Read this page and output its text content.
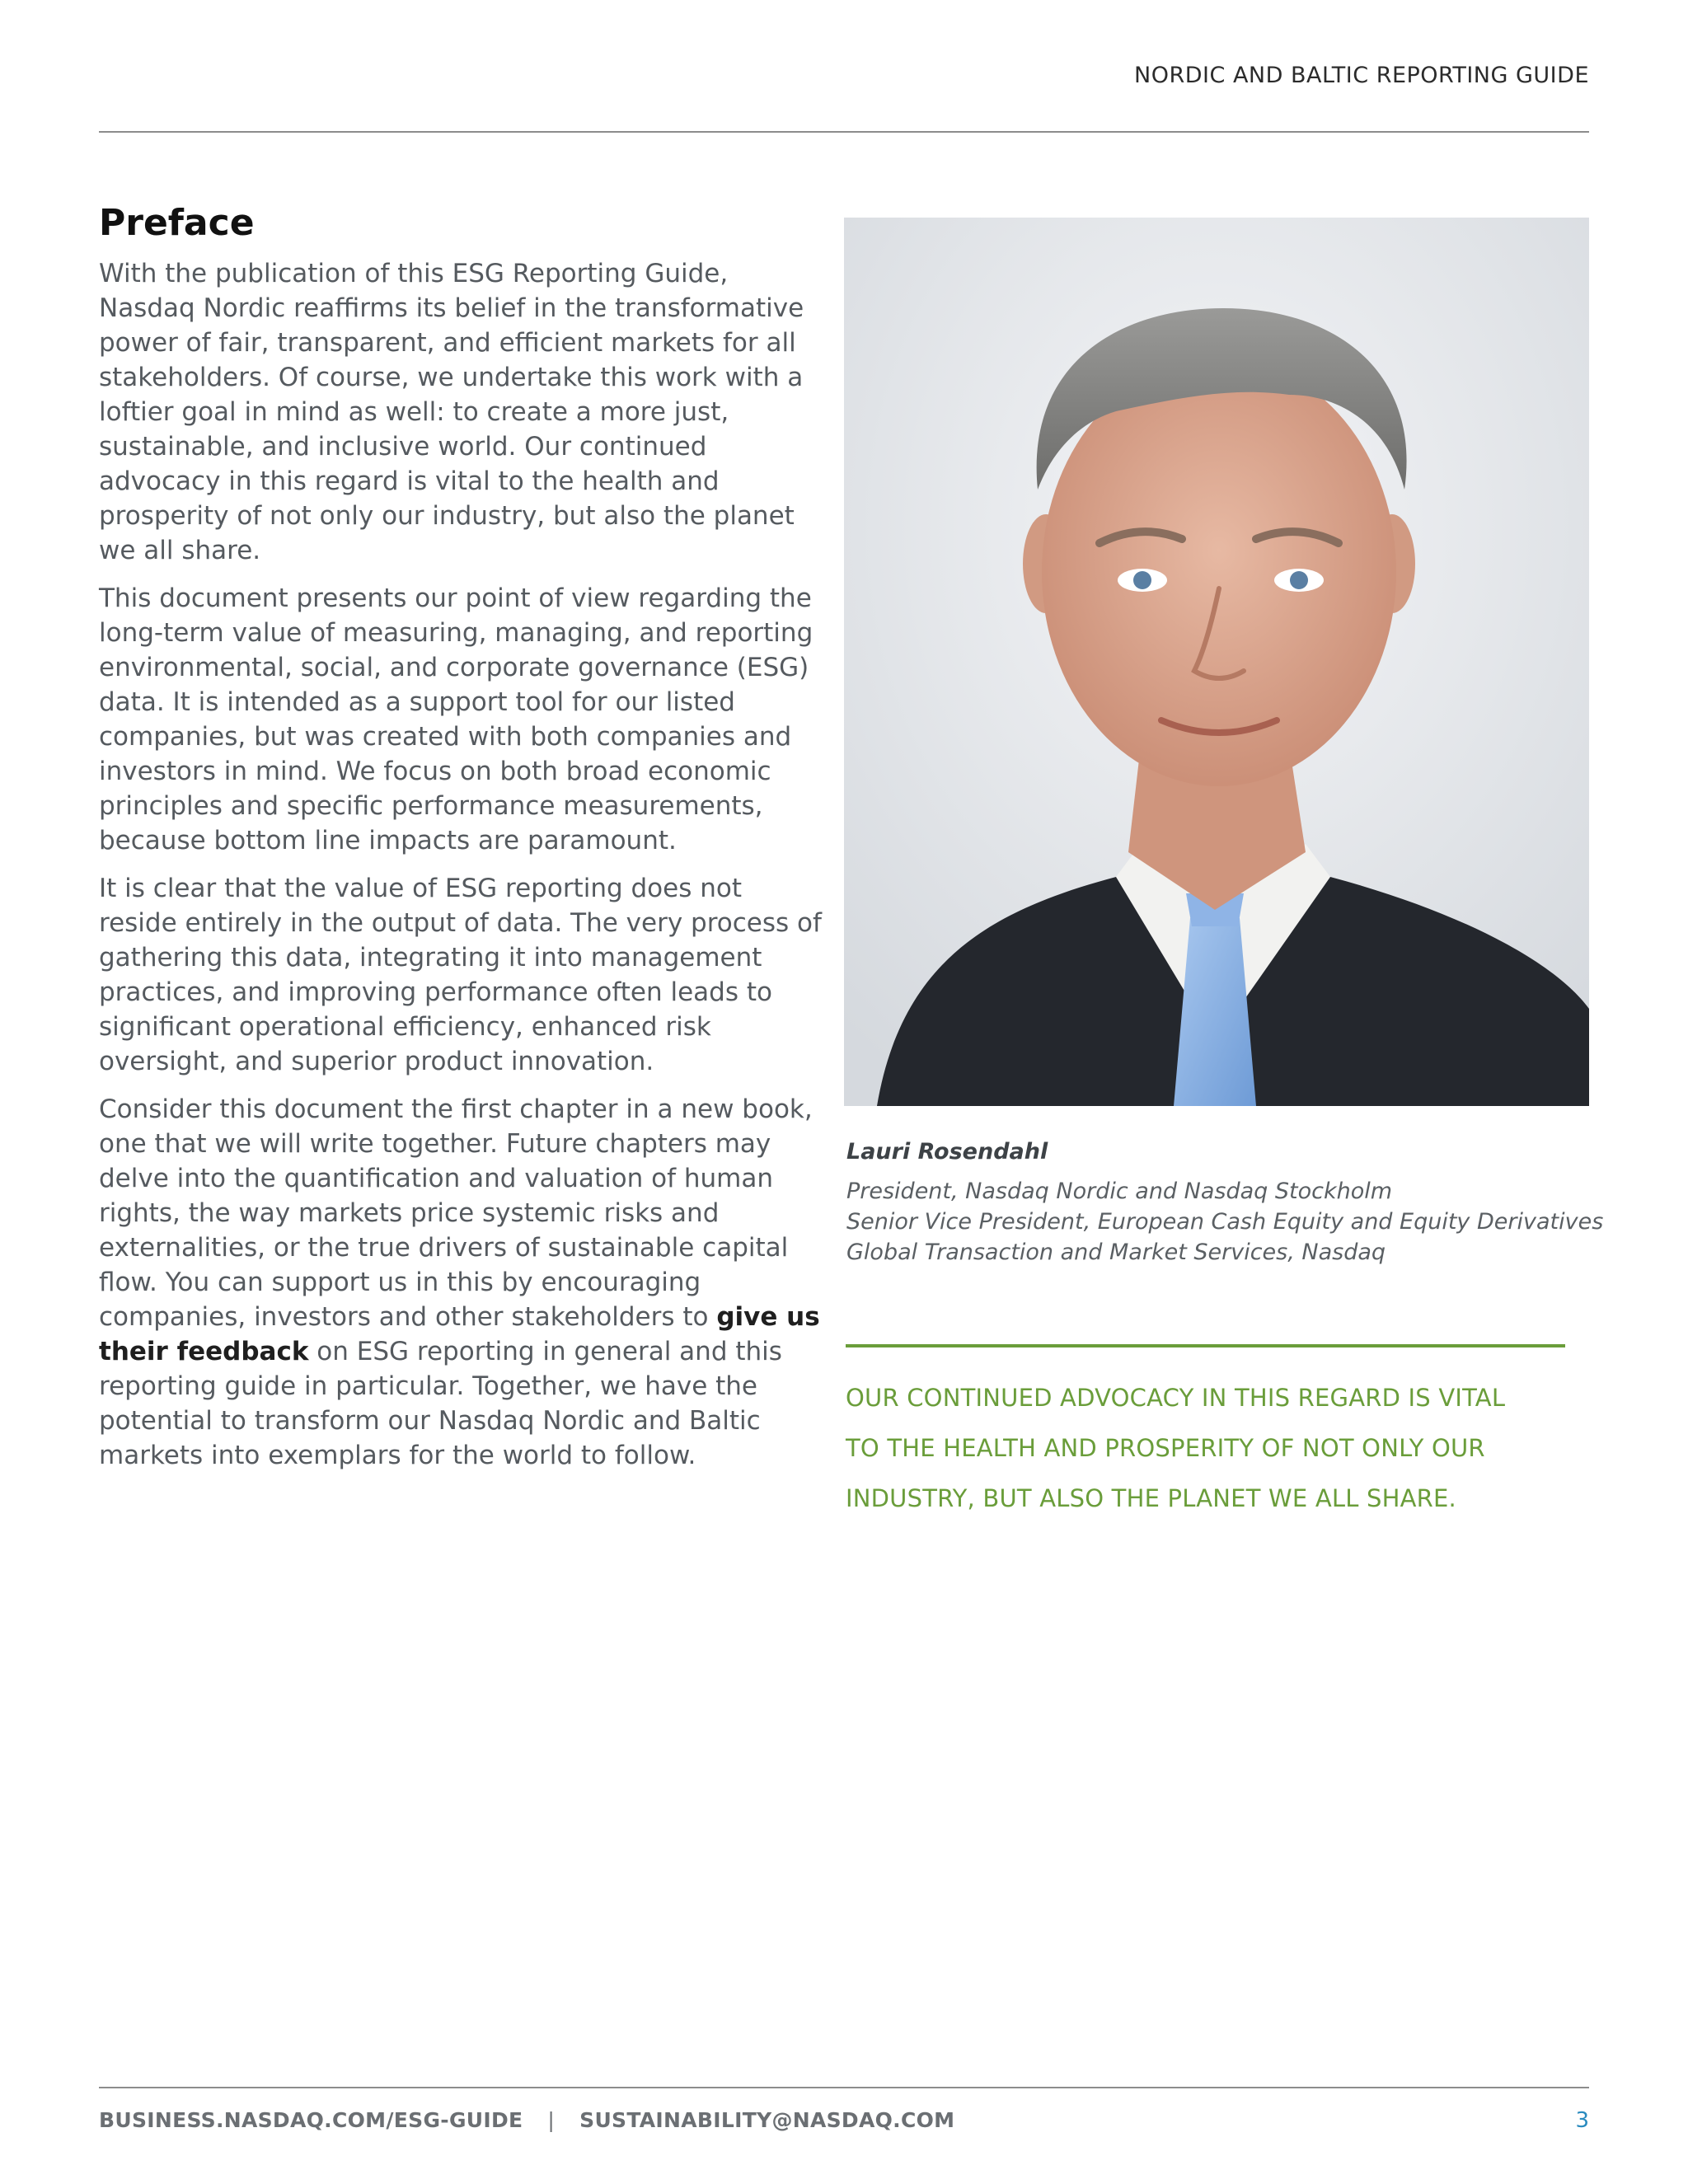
NORDIC AND BALTIC REPORTING GUIDE
Preface

With the publication of this ESG Reporting Guide, Nasdaq Nordic reaffirms its belief in the transformative power of fair, transparent, and efficient markets for all stakeholders. Of course, we undertake this work with a loftier goal in mind as well: to create a more just, sustainable, and inclusive world. Our continued advocacy in this regard is vital to the health and prosperity of not only our industry, but also the planet we all share.

This document presents our point of view regarding the long-term value of measuring, managing, and reporting environmental, social, and corporate governance (ESG) data. It is intended as a support tool for our listed companies, but was created with both companies and investors in mind. We focus on both broad economic principles and specific performance measurements, because bottom line impacts are paramount.

It is clear that the value of ESG reporting does not reside entirely in the output of data. The very process of gathering this data, integrating it into management practices, and improving performance often leads to significant operational efficiency, enhanced risk oversight, and superior product innovation.

Consider this document the first chapter in a new book, one that we will write together. Future chapters may delve into the quantification and valuation of human rights, the way markets price systemic risks and externalities, or the true drivers of sustainable capital flow. You can support us in this by encouraging companies, investors and other stakeholders to give us their feedback on ESG reporting in general and this reporting guide in particular. Together, we have the potential to transform our Nasdaq Nordic and Baltic markets into exemplars for the world to follow.

Lauri Rosendahl
President, Nasdaq Nordic and Nasdaq Stockholm
Senior Vice President, European Cash Equity and Equity Derivatives
Global Transaction and Market Services, Nasdaq
OUR CONTINUED ADVOCACY IN THIS REGARD IS VITAL
TO THE HEALTH AND PROSPERITY OF NOT ONLY OUR
INDUSTRY, BUT ALSO THE PLANET WE ALL SHARE.
BUSINESS.NASDAQ.COM/ESG-GUIDE | SUSTAINABILITY@NASDAQ.COM	3
